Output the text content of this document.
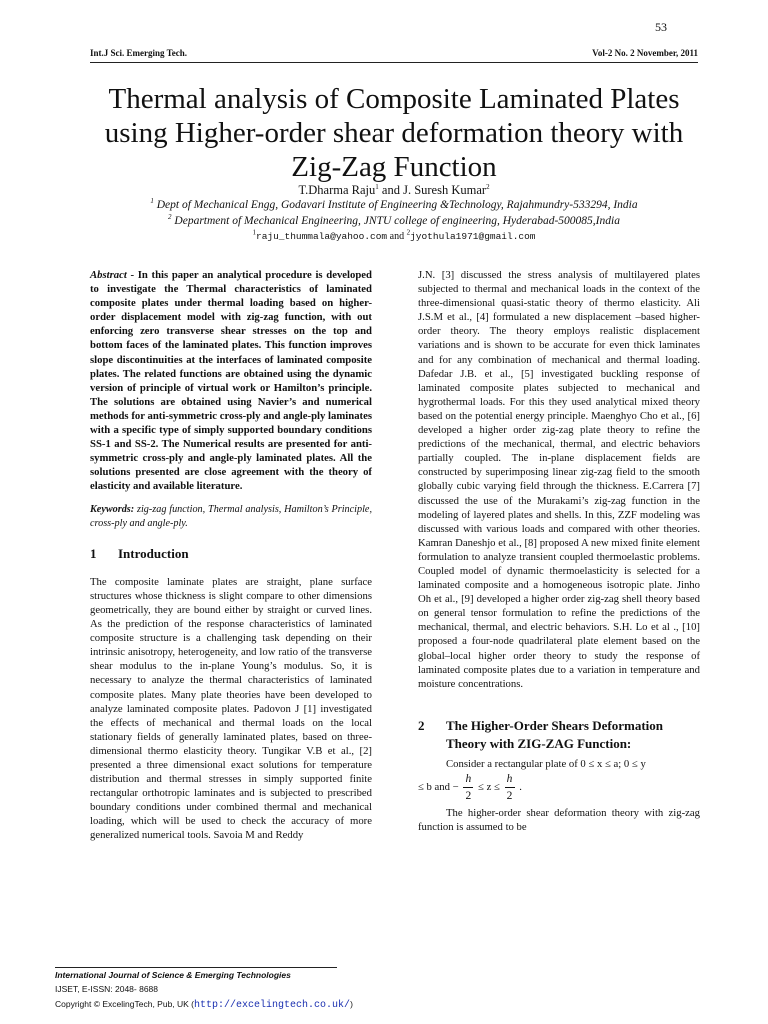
53
Int.J Sci. Emerging Tech.	Vol-2 No. 2 November, 2011
Thermal analysis of Composite Laminated Plates using Higher-order shear deformation theory with Zig-Zag Function
T.Dharma Raju$^1$ and J. Suresh Kumar$^2$
$^1$ Dept of Mechanical Engg, Godavari Institute of Engineering &Technology, Rajahmundry-533294, India
$^2$ Department of Mechanical Engineering, JNTU college of engineering, Hyderabad-500085,India
$^1$raju_thummala@yahoo.com and $^2$jyothula1971@gmail.com

Abstract - In this paper an analytical procedure is developed to investigate the Thermal characteristics of laminated composite plates under thermal loading based on higher-order displacement model with zig-zag function, with out enforcing zero transverse shear stresses on the top and bottom faces of the laminated plates. This function improves slope discontinuities at the interfaces of laminated composite plates. The related functions are obtained using the dynamic version of principle of virtual work or Hamilton’s principle. The solutions are obtained using Navier’s and numerical methods for anti-symmetric cross-ply and angle-ply laminates with a specific type of simply supported boundary conditions SS-1 and SS-2. The Numerical results are presented for anti-symmetric cross-ply and angle-ply laminated plates. All the solutions presented are close agreement with the theory of elasticity and available literature.

Keywords: zig-zag function, Thermal analysis, Hamilton’s Principle, cross-ply and angle-ply.

1	Introduction

The composite laminate plates are straight, plane surface structures whose thickness is slight compare to other dimensions geometrically, they are bound either by straight or curved lines. As the prediction of the response characteristics of laminated composite structure is a challenging task depending on their intrinsic anisotropy, heterogeneity, and low ratio of the transverse shear modulus to the in-plane Young’s modulus. So, it is necessary to analyze the thermal characteristics of laminated composite plates. Many plate theories have been developed to analyze laminated composite plates. Padovon J [1] investigated the effects of mechanical and thermal loads on the local stationary fields of generally laminated plates, based on three-dimensional thermo elasticity theory. Tungikar V.B et al., [2] presented a three dimensional exact solutions for temperature distribution and thermal stresses in simply supported finite rectangular orthotropic laminates and is subjected to prescribed boundary conditions under combined thermal and mechanical loading, which will be used to check the accuracy of more generalized numerical tools. Savoia M and Reddy

J.N. [3] discussed the stress analysis of multilayered plates subjected to thermal and mechanical loads in the context of the three-dimensional quasi-static theory of thermo elasticity. Ali J.S.M et al., [4] formulated a new displacement –based higher-order theory. The theory employs realistic displacement variations and is shown to be accurate for even thick laminates and for any combination of mechanical and thermal loading. Dafedar J.B. et al., [5] investigated buckling response of laminated composite plates subjected to mechanical and hygrothermal loads. For this they used analytical mixed theory based on the potential energy principle. Maenghyo Cho et al., [6] developed a higher order zig-zag plate theory to refine the predictions of the mechanical, thermal, and electric behaviors partially coupled. The in-plane displacement fields are constructed by superimposing linear zig-zag field to the smooth globally cubic varying field through the thickness. E.Carrera [7] discussed the use of the Murakami’s zig-zag function in the modeling of layered plates and shells. In this, ZZF modeling was discussed with various loads and compared with other theories. Kamran Daneshjo et al., [8] proposed A new mixed finite element formulation to analyze transient coupled thermoelastic problems. Coupled model of dynamic thermoelasticity is selected for a laminated composite and a homogeneous isotropic plate. Jinho Oh et al., [9] developed a higher order zig-zag shell theory based on general tensor formulation to refine the predictions of the mechanical, thermal, and electric behaviors. S.H. Lo et al ., [10] proposed a four-node quadrilateral plate element based on the global–local higher order theory to study the response of laminated composite plates due to a variation in temperature and moisture concentrations.

2	The Higher-Order Shears Deformation Theory with ZIG-ZAG Function:

Consider a rectangular plate of 0 ≤ x ≤ a; 0 ≤ y

≤ b and − $\frac{h}{2} \le z \le \frac{h}{2}$ .

The higher-order shear deformation theory with zig-zag function is assumed to be

International Journal of Science & Emerging Technologies
IJSET, E-ISSN: 2048- 8688
Copyright © ExcelingTech, Pub, UK (http://excelingtech.co.uk/)
